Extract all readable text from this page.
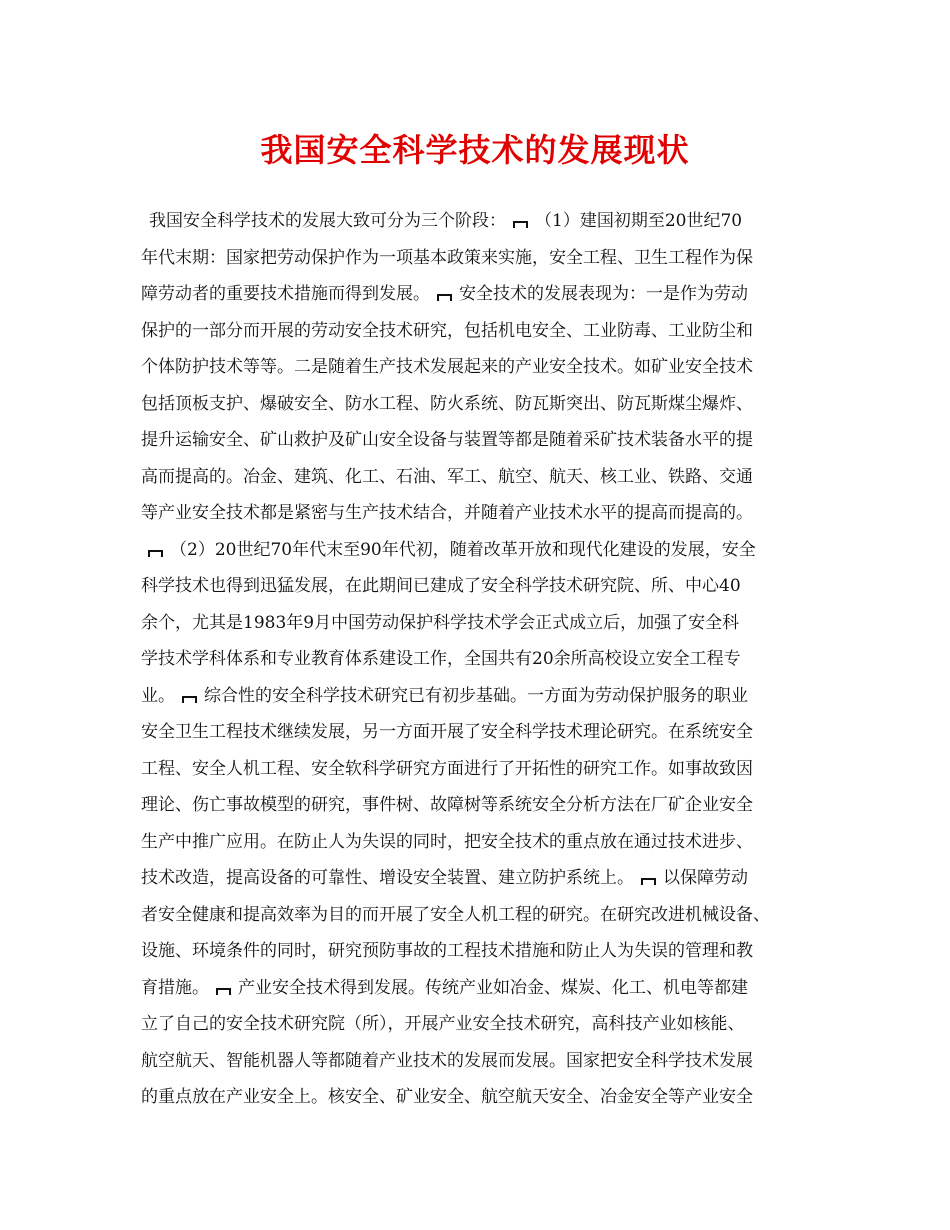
我国安全科学技术的发展现状
我国安全科学技术的发展大致可分为三个阶段： （1）建国初期至20世纪70
年代末期：国家把劳动保护作为一项基本政策来实施，安全工程、卫生工程作为保
障劳动者的重要技术措施而得到发展。 安全技术的发展表现为：一是作为劳动
保护的一部分而开展的劳动安全技术研究，包括机电安全、工业防毒、工业防尘和
个体防护技术等等。二是随着生产技术发展起来的产业安全技术。如矿业安全技术
包括顶板支护、爆破安全、防水工程、防火系统、防瓦斯突出、防瓦斯煤尘爆炸、
提升运输安全、矿山救护及矿山安全设备与装置等都是随着采矿技术装备水平的提
高而提高的。冶金、建筑、化工、石油、军工、航空、航天、核工业、铁路、交通
等产业安全技术都是紧密与生产技术结合，并随着产业技术水平的提高而提高的。
（2）20世纪70年代末至90年代初，随着改革开放和现代化建设的发展，安全
科学技术也得到迅猛发展，在此期间已建成了安全科学技术研究院、所、中心40
余个，尤其是1983年9月中国劳动保护科学技术学会正式成立后，加强了安全科
学技术学科体系和专业教育体系建设工作，全国共有20余所高校设立安全工程专
业。 综合性的安全科学技术研究已有初步基础。一方面为劳动保护服务的职业
安全卫生工程技术继续发展，另一方面开展了安全科学技术理论研究。在系统安全
工程、安全人机工程、安全软科学研究方面进行了开拓性的研究工作。如事故致因
理论、伤亡事故模型的研究，事件树、故障树等系统安全分析方法在厂矿企业安全
生产中推广应用。在防止人为失误的同时，把安全技术的重点放在通过技术进步、
技术改造，提高设备的可靠性、增设安全装置、建立防护系统上。 以保障劳动
者安全健康和提高效率为目的而开展了安全人机工程的研究。在研究改进机械设备、
设施、环境条件的同时，研究预防事故的工程技术措施和防止人为失误的管理和教
育措施。 产业安全技术得到发展。传统产业如冶金、煤炭、化工、机电等都建
立了自己的安全技术研究院（所），开展产业安全技术研究，高科技产业如核能、
航空航天、智能机器人等都随着产业技术的发展而发展。国家把安全科学技术发展
的重点放在产业安全上。核安全、矿业安全、航空航天安全、冶金安全等产业安全
